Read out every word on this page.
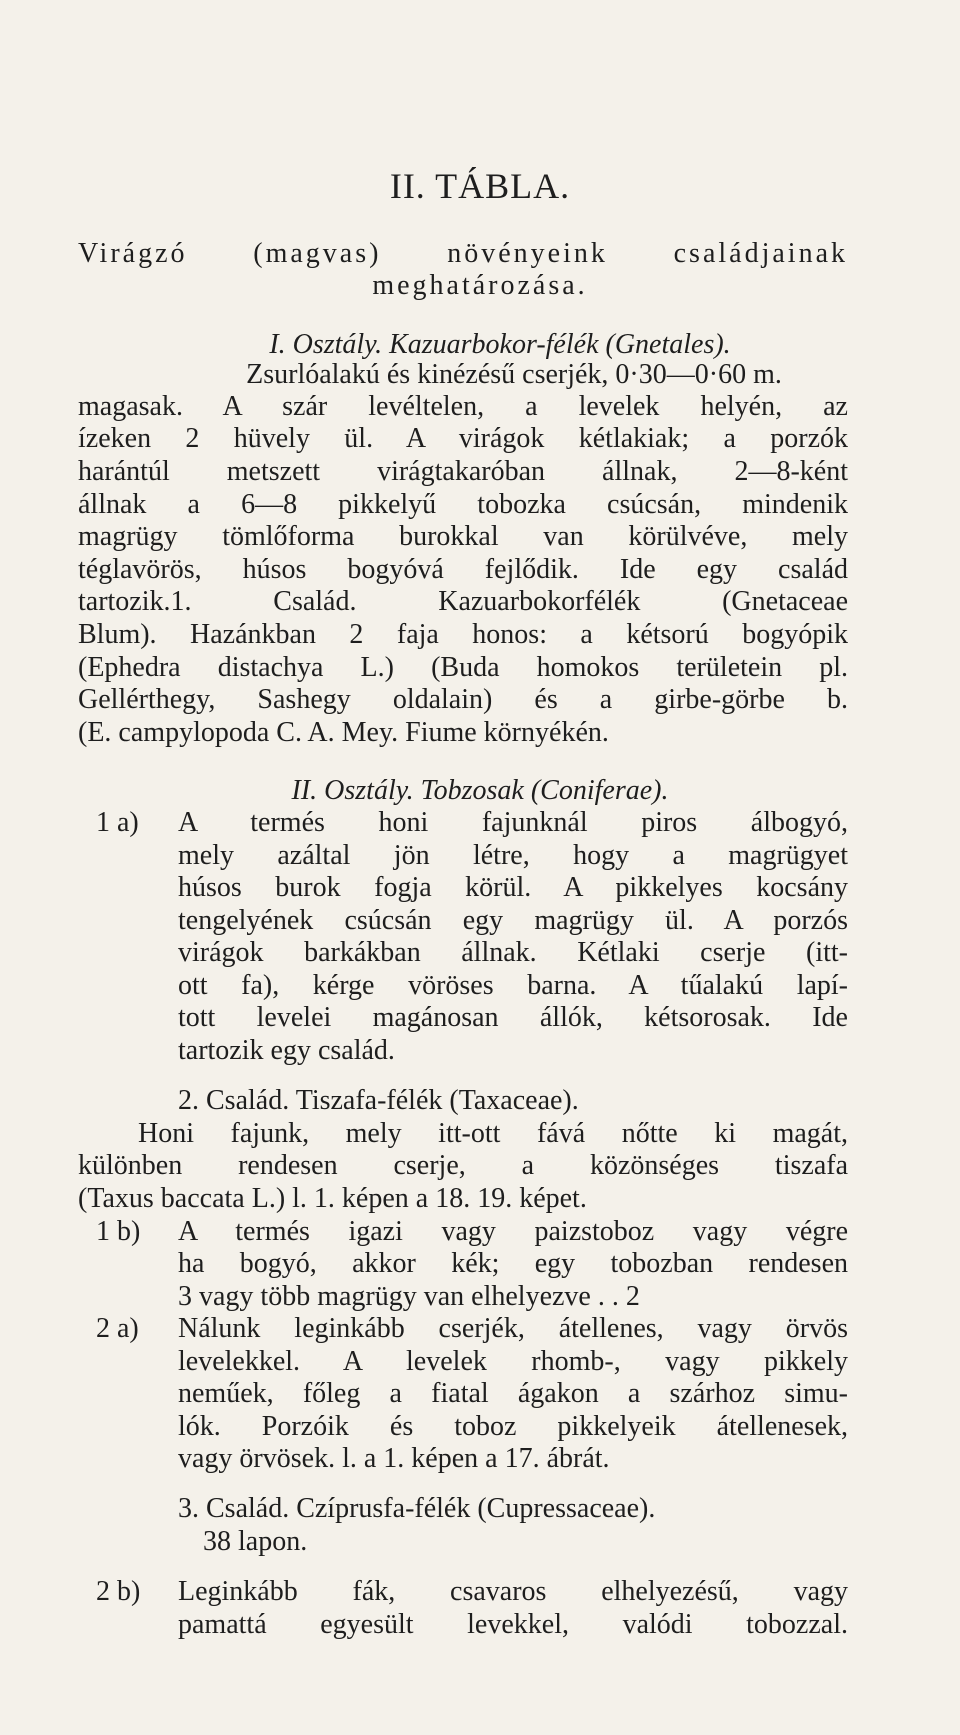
II. TÁBLA.
Virágzó (magvas) növényeink családjainak
meghatározása.
I. Osztály. Kazuarbokor-félék (Gnetales).
Zsurlóalakú és kinézésű cserjék, 0·30—0·60 m.
magasak. A szár levéltelen, a levelek helyén, az
ízeken 2 hüvely ül. A virágok kétlakiak; a porzók
harántúl metszett virágtakaróban állnak, 2—8-ként
állnak a 6—8 pikkelyű tobozka csúcsán, mindenik
magrügy tömlőforma burokkal van körülvéve, mely
téglavörös, húsos bogyóvá fejlődik. Ide egy család
tartozik.1. Család. Kazuarbokorfélék (Gnetaceae
Blum). Hazánkban 2 faja honos: a kétsorú bogyópik
(Ephedra distachya L.) (Buda homokos területein pl.
Gellérthegy, Sashegy oldalain) és a girbe-görbe b.
(E. campylopoda C. A. Mey. Fiume környékén.
II. Osztály. Tobzosak (Coniferae).
1 a) A termés honi fajunknál piros álbogyó,
mely azáltal jön létre, hogy a magrügyet
húsos burok fogja körül. A pikkelyes kocsány
tengelyének csúcsán egy magrügy ül. A porzós
virágok barkákban állnak. Kétlaki cserje (itt-
ott fa), kérge vöröses barna. A tűalakú lapí-
tott levelei magánosan állók, kétsorosak. Ide
tartozik egy család.
2. Család. Tiszafa-félék (Taxaceae).
Honi fajunk, mely itt-ott fává nőtte ki magát,
különben rendesen cserje, a közönséges tiszafa
(Taxus baccata L.) l. 1. képen a 18. 19. képet.
1 b) A termés igazi vagy paizstoboz vagy végre
ha bogyó, akkor kék; egy tobozban rendesen
3 vagy több magrügy van elhelyezve . . 2
2 a) Nálunk leginkább cserjék, átellenes, vagy örvös
levelekkel. A levelek rhomb-, vagy pikkely
neműek, főleg a fiatal ágakon a szárhoz simu-
lók. Porzóik és toboz pikkelyeik átellenesek,
vagy örvösek. l. a 1. képen a 17. ábrát.
3. Család. Czíprusfa-félék (Cupressaceae).
38 lapon.
2 b) Leginkább fák, csavaros elhelyezésű, vagy
pamattá egyesült levekkel, valódi tobozzal.
